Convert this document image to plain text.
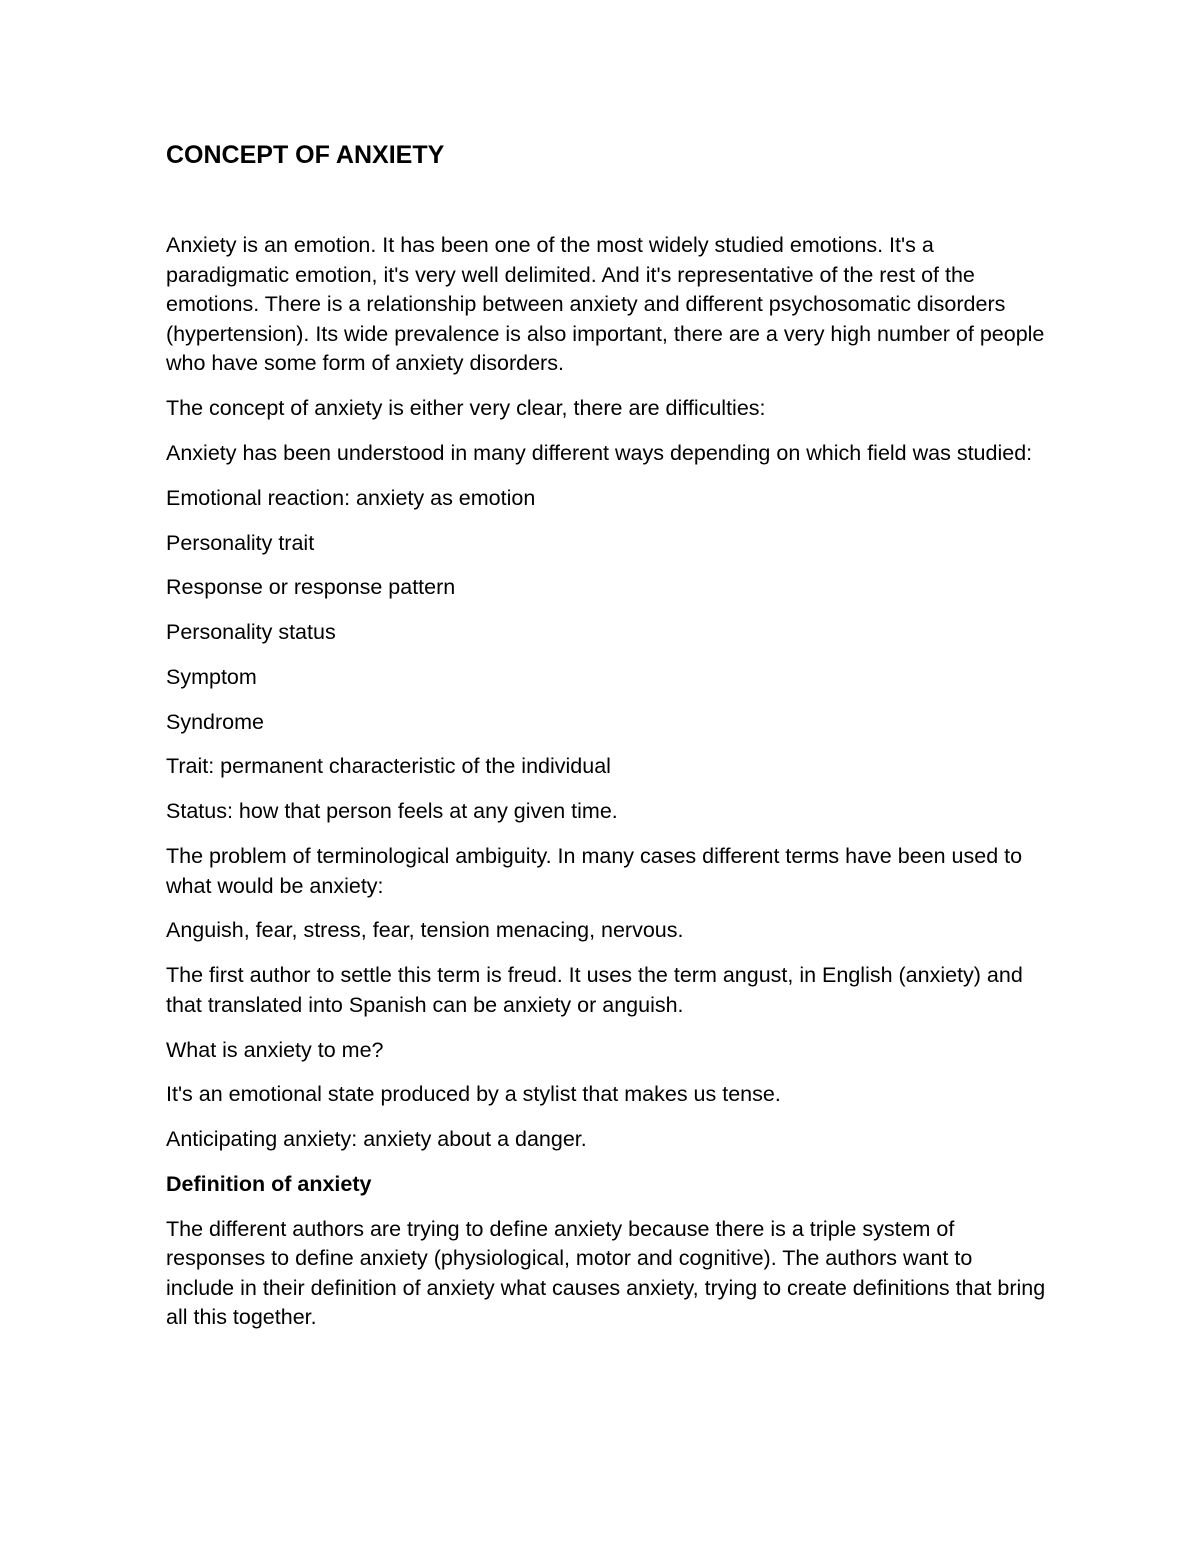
CONCEPT OF ANXIETY

Anxiety is an emotion. It has been one of the most widely studied emotions. It's a paradigmatic emotion, it's very well delimited. And it's representative of the rest of the emotions. There is a relationship between anxiety and different psychosomatic disorders (hypertension). Its wide prevalence is also important, there are a very high number of people who have some form of anxiety disorders.

The concept of anxiety is either very clear, there are difficulties:

Anxiety has been understood in many different ways depending on which field was studied:

Emotional reaction: anxiety as emotion

Personality trait

Response or response pattern

Personality status

Symptom

Syndrome

Trait: permanent characteristic of the individual

Status: how that person feels at any given time.

The problem of terminological ambiguity. In many cases different terms have been used to what would be anxiety:

Anguish, fear, stress, fear, tension menacing, nervous.

The first author to settle this term is freud. It uses the term angust, in English (anxiety) and that translated into Spanish can be anxiety or anguish.

What is anxiety to me?

It's an emotional state produced by a stylist that makes us tense.

Anticipating anxiety: anxiety about a danger.

Definition of anxiety

The different authors are trying to define anxiety because there is a triple system of responses to define anxiety (physiological, motor and cognitive). The authors want to include in their definition of anxiety what causes anxiety, trying to create definitions that bring all this together.
